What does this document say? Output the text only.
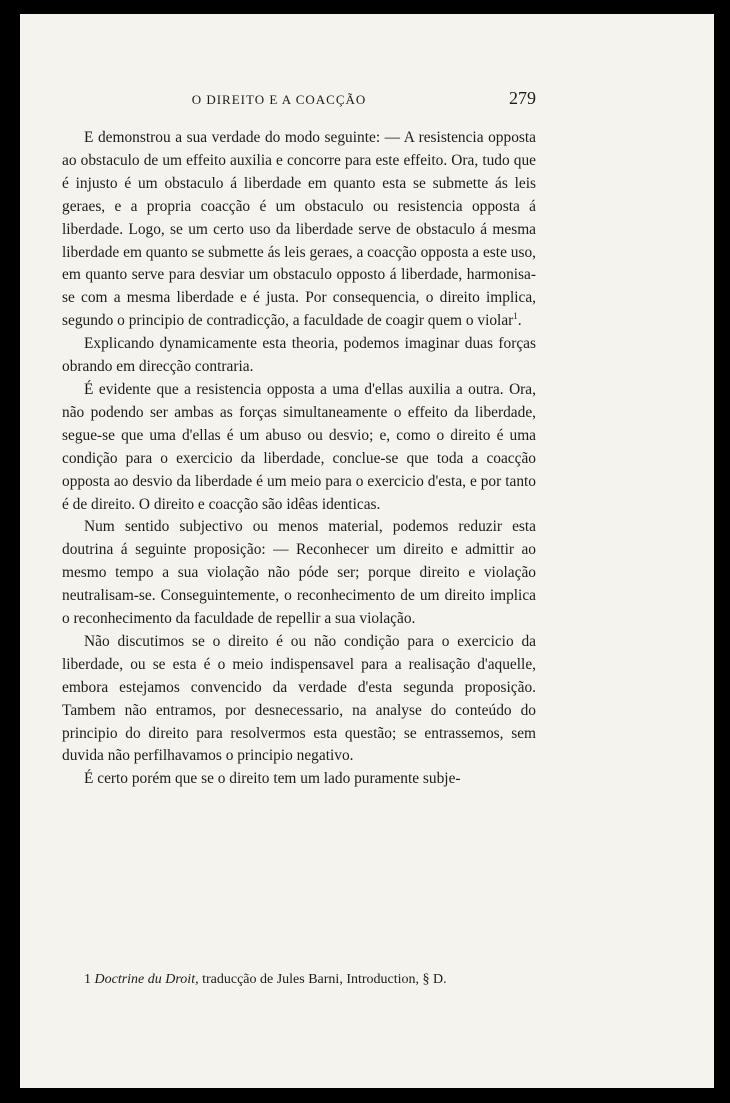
O DIREITO E A COACÇÃO	279

E demonstrou a sua verdade do modo seguinte: — A resistencia opposta ao obstaculo de um effeito auxilia e concorre para este effeito. Ora, tudo que é injusto é um obstaculo á liberdade em quanto esta se submette ás leis geraes, e a propria coacção é um obstaculo ou resistencia opposta á liberdade. Logo, se um certo uso da liberdade serve de obstaculo á mesma liberdade em quanto se submette ás leis geraes, a coacção opposta a este uso, em quanto serve para desviar um obstaculo opposto á liberdade, harmonisa-se com a mesma liberdade e é justa. Por consequencia, o direito implica, segundo o principio de contradicção, a faculdade de coagir quem o violar$^1$.

Explicando dynamicamente esta theoria, podemos imaginar duas forças obrando em direcção contraria.

É evidente que a resistencia opposta a uma d'ellas auxilia a outra. Ora, não podendo ser ambas as forças simultaneamente o effeito da liberdade, segue-se que uma d'ellas é um abuso ou desvio; e, como o direito é uma condição para o exercicio da liberdade, conclue-se que toda a coacção opposta ao desvio da liberdade é um meio para o exercicio d'esta, e por tanto é de direito. O direito e coacção são idêas identicas.

Num sentido subjectivo ou menos material, podemos reduzir esta doutrina á seguinte proposição: — Reconhecer um direito e admittir ao mesmo tempo a sua violação não póde ser; porque direito e violação neutralisam-se. Conseguintemente, o reconhecimento de um direito implica o reconhecimento da faculdade de repellir a sua violação.

Não discutimos se o direito é ou não condição para o exercicio da liberdade, ou se esta é o meio indispensavel para a realisação d'aquelle, embora estejamos convencido da verdade d'esta segunda proposição. Tambem não entramos, por desnecessario, na analyse do conteúdo do principio do direito para resolvermos esta questão; se entrassemos, sem duvida não perfilhavamos o principio negativo.

É certo porém que se o direito tem um lado puramente subje-

1 Doctrine du Droit, traducção de Jules Barni, Introduction, § D.
